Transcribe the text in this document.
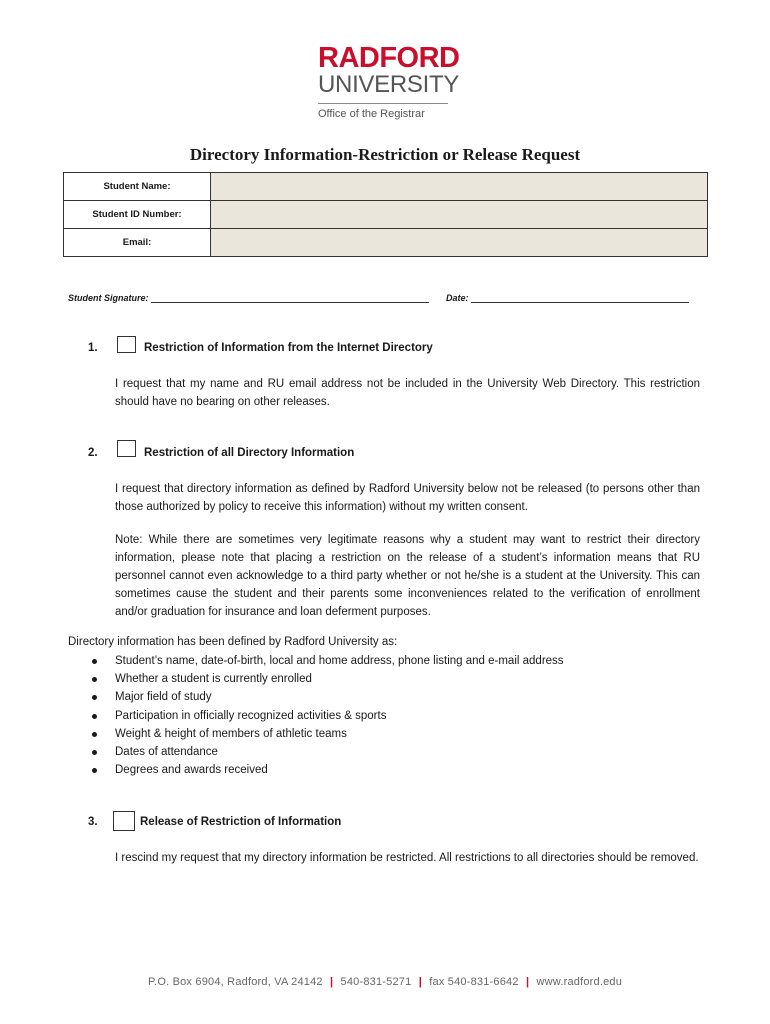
RADFORD
UNIVERSITY
Office of the Registrar
Directory Information-Restriction or Release Request
Student Name:	
Student ID Number:	
Email:	
Student Signature:	Date:
1.	Restriction of Information from the Internet Directory

I request that my name and RU email address not be included in the University Web Directory. This restriction should have no bearing on other releases.

2.	Restriction of all Directory Information

I request that directory information as defined by Radford University below not be released (to persons other than those authorized by policy to receive this information) without my written consent.

Note: While there are sometimes very legitimate reasons why a student may want to restrict their directory information, please note that placing a restriction on the release of a student’s information means that RU personnel cannot even acknowledge to a third party whether or not he/she is a student at the University. This can sometimes cause the student and their parents some inconveniences related to the verification of enrollment and/or graduation for insurance and loan deferment purposes.

Directory information has been defined by Radford University as:
Student’s name, date-of-birth, local and home address, phone listing and e-mail address
Whether a student is currently enrolled
Major field of study
Participation in officially recognized activities & sports
Weight & height of members of athletic teams
Dates of attendance
Degrees and awards received
3.	Release of Restriction of Information

I rescind my request that my directory information be restricted. All restrictions to all directories should be removed.

P.O. Box 6904, Radford, VA 24142 | 540-831-5271 | fax 540-831-6642 | www.radford.edu
